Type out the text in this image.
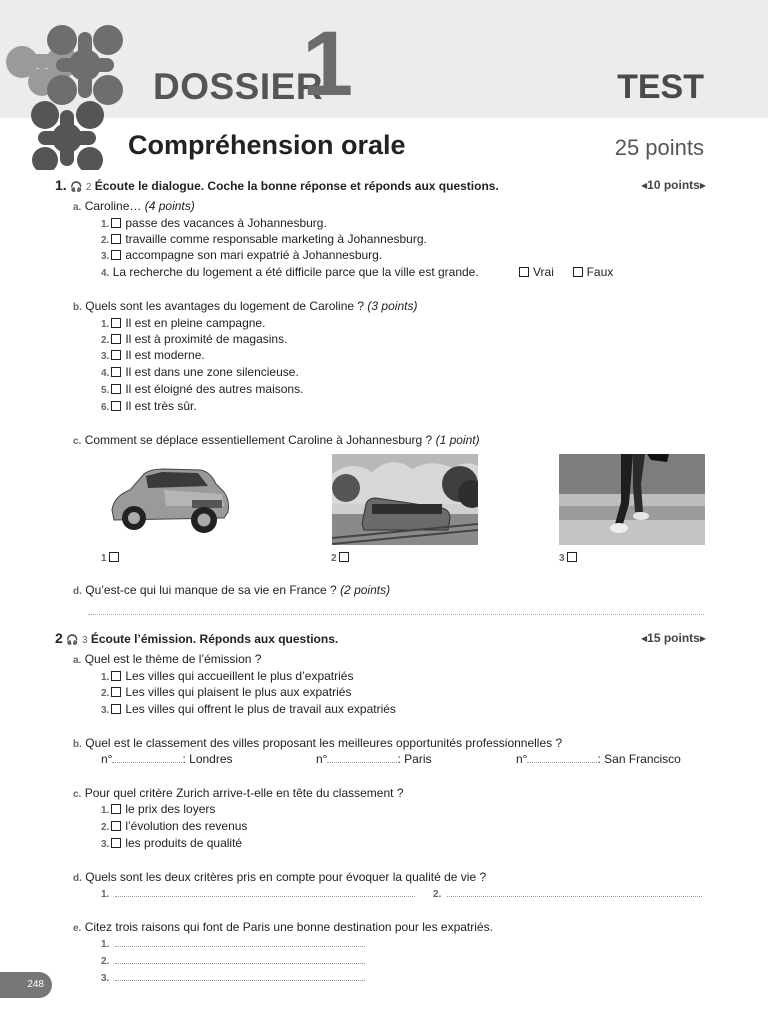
DOSSIER
1	TEST
Compréhension orale	25 points
1. 🎧 2 Écoute le dialogue. Coche la bonne réponse et réponds aux questions.	◀10 points▶
a. Caroline… (4 points)
1. passe des vacances à Johannesburg.
2. travaille comme responsable marketing à Johannesburg.
3. accompagne son mari expatrié à Johannesburg.
4. La recherche du logement a été difficile parce que la ville est grande.	Vrai	Faux
b. Quels sont les avantages du logement de Caroline ? (3 points)
1. Il est en pleine campagne.
2. Il est à proximité de magasins.
3. Il est moderne.
4. Il est dans une zone silencieuse.
5. Il est éloigné des autres maisons.
6. Il est très sûr.
c. Comment se déplace essentiellement Caroline à Johannesburg ? (1 point)
1	2	3
d. Qu’est-ce qui lui manque de sa vie en France ? (2 points)
2 🎧 3 Écoute l’émission. Réponds aux questions.	◀15 points▶
a. Quel est le thème de l’émission ?
1. Les villes qui accueillent le plus d’expatriés
2. Les villes qui plaisent le plus aux expatriés
3. Les villes qui offrent le plus de travail aux expatriés
b. Quel est le classement des villes proposant les meilleures opportunités professionnelles ?
n°	: Londres	n°	: Paris	n°	: San Francisco
c. Pour quel critère Zurich arrive-t-elle en tête du classement ?
1. le prix des loyers
2. l’évolution des revenus
3. les produits de qualité
d. Quels sont les deux critères pris en compte pour évoquer la qualité de vie ?
1.	2.
e. Citez trois raisons qui font de Paris une bonne destination pour les expatriés.
1.
2.
3.
248
